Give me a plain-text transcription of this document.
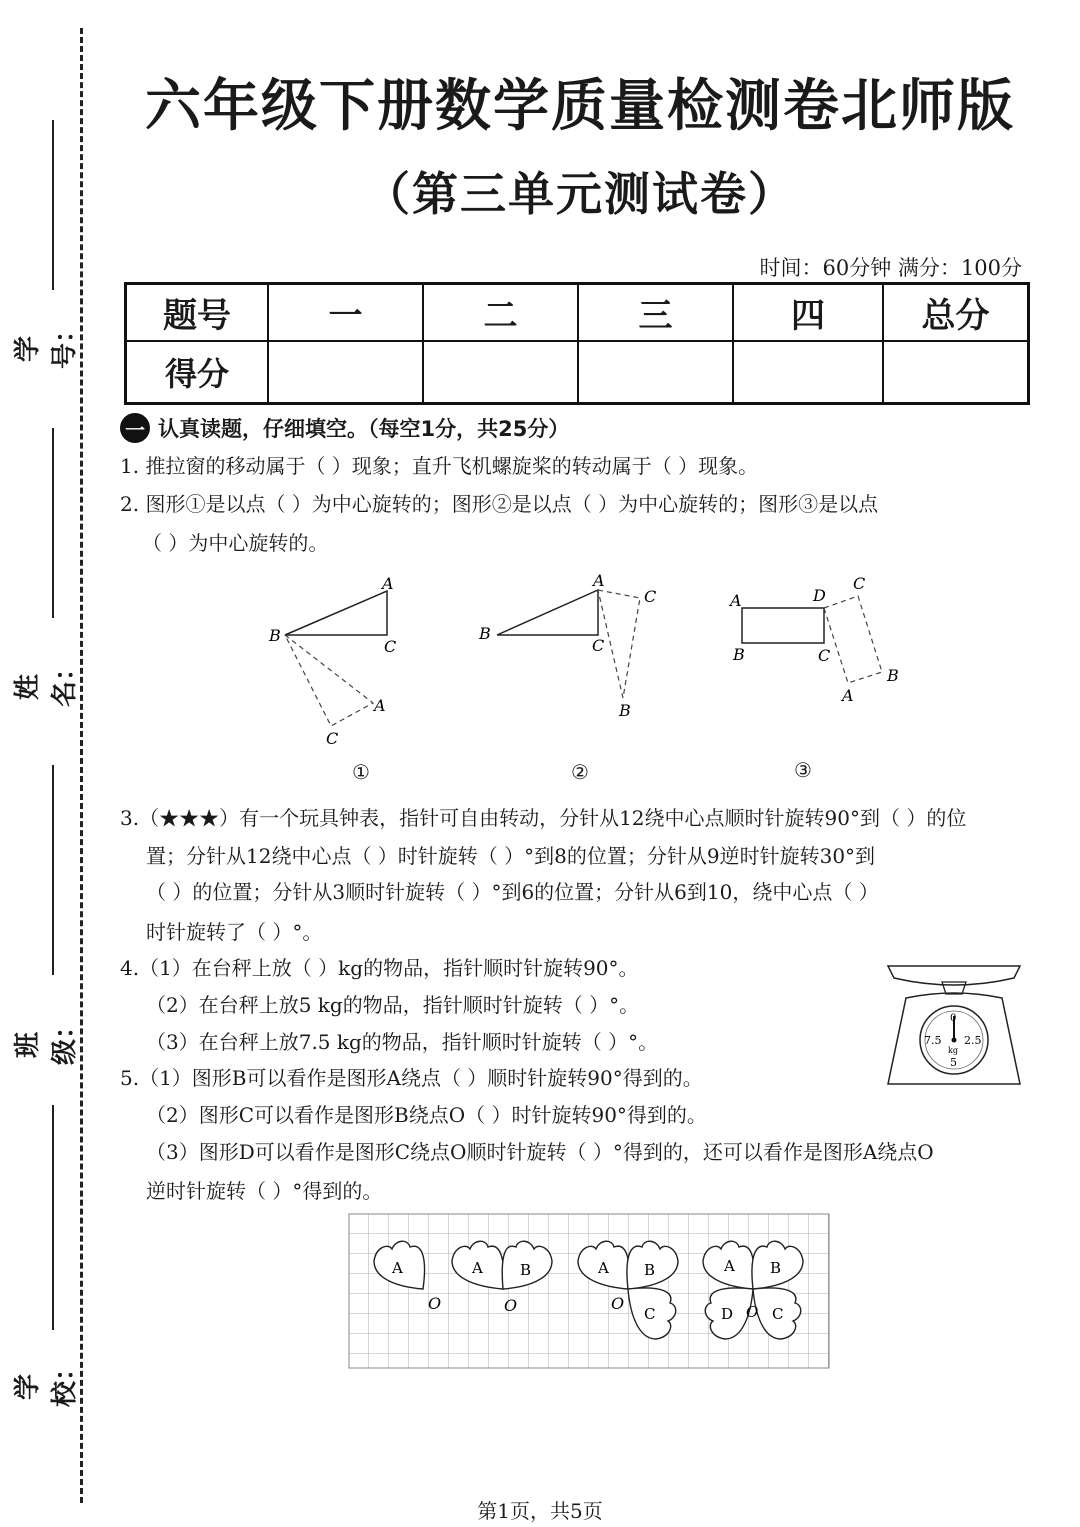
学号：
姓名：
班级：
学校：
六年级下册数学质量检测卷北师版
（第三单元测试卷）
时间：60分钟 满分：100分
题号	一	二	三	四	总分
得分					
一 认真读题，仔细填空。（每空1分，共25分）
1. 推拉窗的移动属于（ ）现象；直升飞机螺旋桨的转动属于（ ）现象。
2. 图形①是以点（ ）为中心旋转的；图形②是以点（ ）为中心旋转的；图形③是以点
（ ）为中心旋转的。
B
A
C
A
C
B
A
C
C
B
A	D
C
B	C
B
A
①	②	③
3.（★★★）有一个玩具钟表，指针可自由转动，分针从12绕中心点顺时针旋转90°到（ ）的位
置；分针从12绕中心点（ ）时针旋转（ ）°到8的位置；分针从9逆时针旋转30°到
（ ）的位置；分针从3顺时针旋转（ ）°到6的位置；分针从6到10，绕中心点（ ）
时针旋转了（ ）°。
4.（1）在台秤上放（ ）kg的物品，指针顺时针旋转90°。
（2）在台秤上放5 kg的物品，指针顺时针旋转（ ）°。
（3）在台秤上放7.5 kg的物品，指针顺时针旋转（ ）°。
0
7.5 2.5
5
kg
5.（1）图形B可以看作是图形A绕点（ ）顺时针旋转90°得到的。
（2）图形C可以看作是图形B绕点O（ ）时针旋转90°得到的。
（3）图形D可以看作是图形C绕点O顺时针旋转（ ）°得到的，还可以看作是图形A绕点O
逆时针旋转（ ）°得到的。
A
O
A B
O
A B
C
O
A B
C
D O
第1页，共5页
